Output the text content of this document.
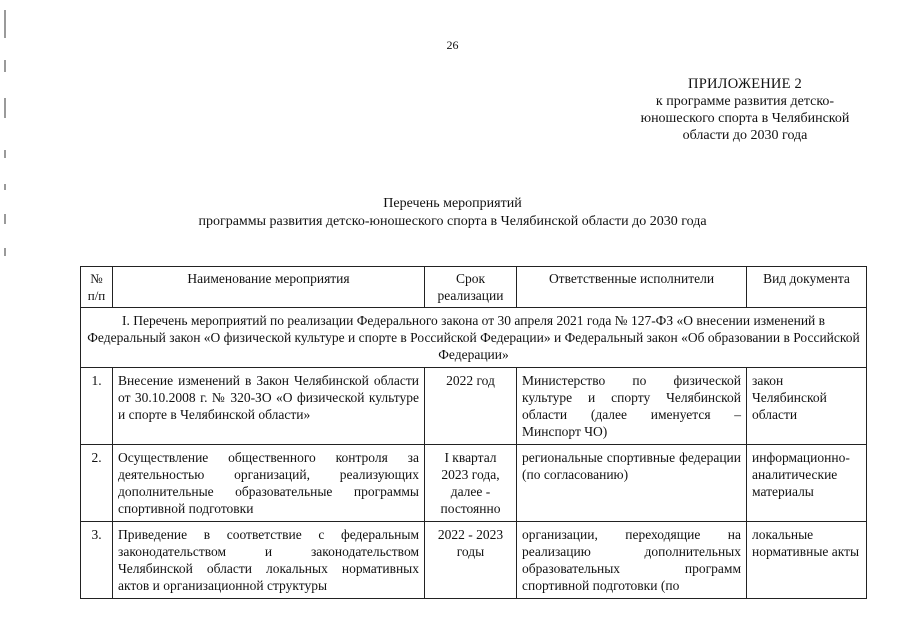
26
ПРИЛОЖЕНИЕ 2
к программе развития детско-
юношеского спорта в Челябинской
области до 2030 года
Перечень мероприятий
программы развития детско-юношеского спорта в Челябинской области до 2030 года
№ п/п	Наименование мероприятия	Срок реализации	Ответственные исполнители	Вид документа
I. Перечень мероприятий по реализации Федерального закона от 30 апреля 2021 года № 127-ФЗ «О внесении изменений в Федеральный закон «О физической культуре и спорте в Российской Федерации» и Федеральный закон «Об образовании в Российской Федерации»				
1.	Внесение изменений в Закон Челябинской области от 30.10.2008 г. № 320-ЗО «О физической культуре и спорте в Челябинской области»	2022 год	Министерство по физической культуре и спорту Челябинской области (далее именуется – Минспорт ЧО)	закон Челябинской области
2.	Осуществление общественного контроля за деятельностью организаций, реализующих дополнительные образовательные программы спортивной подготовки	I квартал 2023 года, далее - постоянно	региональные спортивные федерации (по согласованию)	информационно-аналитические материалы
3.	Приведение в соответствие с федеральным законодательством и законодательством Челябинской области локальных нормативных актов и организационной структуры	2022 - 2023 годы	организации, переходящие на реализацию дополнительных образовательных программ спортивной подготовки (по	локальные нормативные акты
